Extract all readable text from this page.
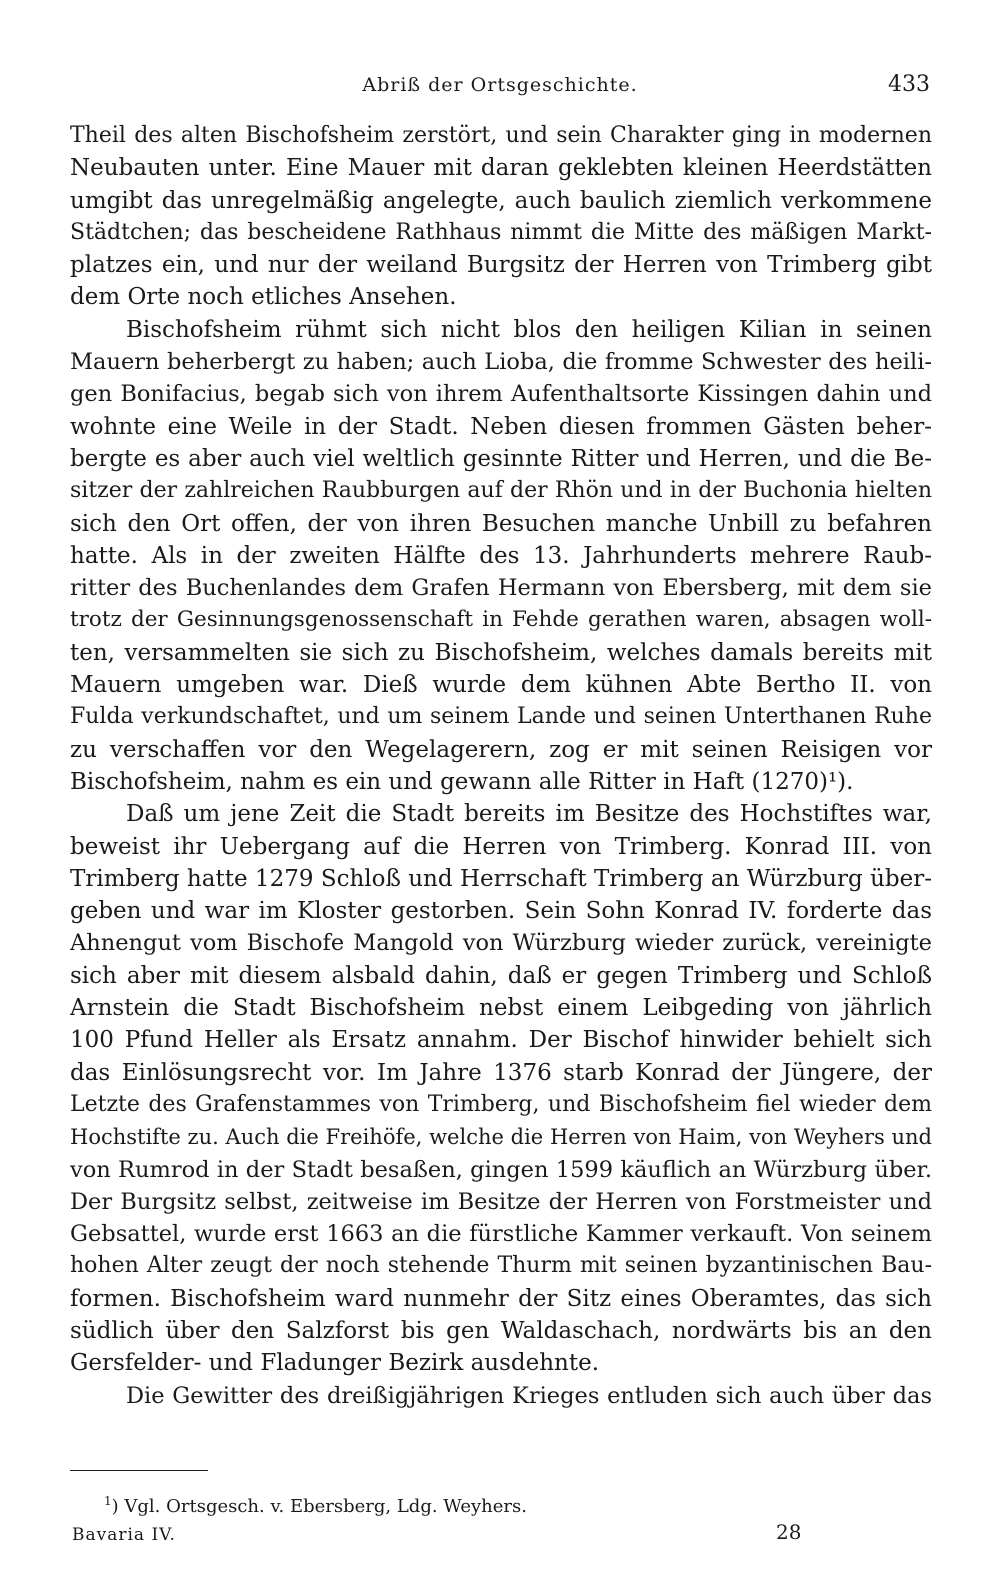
Abriß der Ortsgeschichte.	433
Theil des alten Bischofsheim zerstört, und sein Charakter ging in modernen
Neubauten unter. Eine Mauer mit daran geklebten kleinen Heerdstätten
umgibt das unregelmäßig angelegte, auch baulich ziemlich verkommene
Städtchen; das bescheidene Rathhaus nimmt die Mitte des mäßigen Markt-
platzes ein, und nur der weiland Burgsitz der Herren von Trimberg gibt
dem Orte noch etliches Ansehen.
Bischofsheim rühmt sich nicht blos den heiligen Kilian in seinen
Mauern beherbergt zu haben; auch Lioba, die fromme Schwester des heili-
gen Bonifacius, begab sich von ihrem Aufenthaltsorte Kissingen dahin und
wohnte eine Weile in der Stadt. Neben diesen frommen Gästen beher-
bergte es aber auch viel weltlich gesinnte Ritter und Herren, und die Be-
sitzer der zahlreichen Raubburgen auf der Rhön und in der Buchonia hielten
sich den Ort offen, der von ihren Besuchen manche Unbill zu befahren
hatte. Als in der zweiten Hälfte des 13. Jahrhunderts mehrere Raub-
ritter des Buchenlandes dem Grafen Hermann von Ebersberg, mit dem sie
trotz der Gesinnungsgenossenschaft in Fehde gerathen waren, absagen woll-
ten, versammelten sie sich zu Bischofsheim, welches damals bereits mit
Mauern umgeben war. Dieß wurde dem kühnen Abte Bertho II. von
Fulda verkundschaftet, und um seinem Lande und seinen Unterthanen Ruhe
zu verschaffen vor den Wegelagerern, zog er mit seinen Reisigen vor
Bischofsheim, nahm es ein und gewann alle Ritter in Haft (1270)¹).
Daß um jene Zeit die Stadt bereits im Besitze des Hochstiftes war,
beweist ihr Uebergang auf die Herren von Trimberg. Konrad III. von
Trimberg hatte 1279 Schloß und Herrschaft Trimberg an Würzburg über-
geben und war im Kloster gestorben. Sein Sohn Konrad IV. forderte das
Ahnengut vom Bischofe Mangold von Würzburg wieder zurück, vereinigte
sich aber mit diesem alsbald dahin, daß er gegen Trimberg und Schloß
Arnstein die Stadt Bischofsheim nebst einem Leibgeding von jährlich
100 Pfund Heller als Ersatz annahm. Der Bischof hinwider behielt sich
das Einlösungsrecht vor. Im Jahre 1376 starb Konrad der Jüngere, der
Letzte des Grafenstammes von Trimberg, und Bischofsheim fiel wieder dem
Hochstifte zu. Auch die Freihöfe, welche die Herren von Haim, von Weyhers und
von Rumrod in der Stadt besaßen, gingen 1599 käuflich an Würzburg über.
Der Burgsitz selbst, zeitweise im Besitze der Herren von Forstmeister und
Gebsattel, wurde erst 1663 an die fürstliche Kammer verkauft. Von seinem
hohen Alter zeugt der noch stehende Thurm mit seinen byzantinischen Bau-
formen. Bischofsheim ward nunmehr der Sitz eines Oberamtes, das sich
südlich über den Salzforst bis gen Waldaschach, nordwärts bis an den
Gersfelder- und Fladunger Bezirk ausdehnte.
Die Gewitter des dreißigjährigen Krieges entluden sich auch über das
$^1$) Vgl. Ortsgesch. v. Ebersberg, Ldg. Weyhers.
Bavaria IV.	28
